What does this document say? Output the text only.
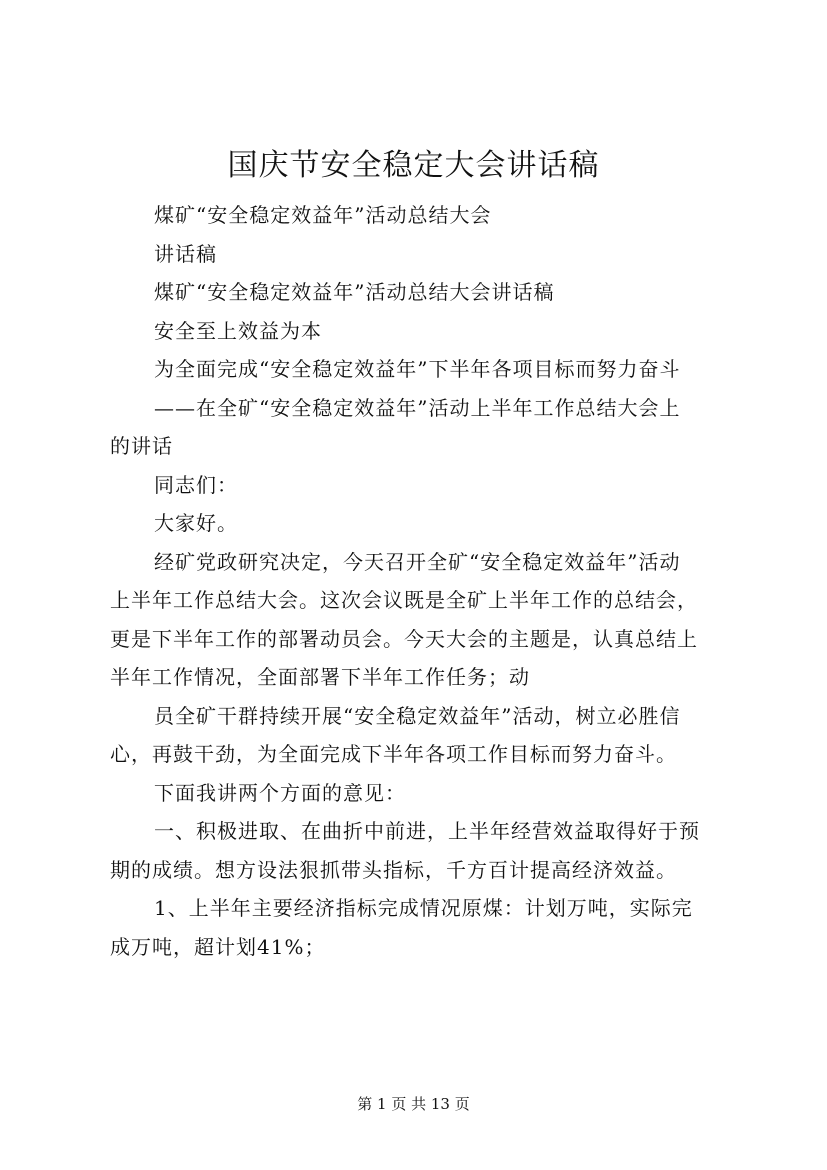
国庆节安全稳定大会讲话稿

煤矿“安全稳定效益年”活动总结大会

讲话稿

煤矿“安全稳定效益年”活动总结大会讲话稿

安全至上效益为本

为全面完成“安全稳定效益年”下半年各项目标而努力奋斗

——在全矿“安全稳定效益年”活动上半年工作总结大会上

的讲话

同志们：

大家好。

经矿党政研究决定，今天召开全矿“安全稳定效益年”活动

上半年工作总结大会。这次会议既是全矿上半年工作的总结会，

更是下半年工作的部署动员会。今天大会的主题是，认真总结上

半年工作情况，全面部署下半年工作任务；动

员全矿干群持续开展“安全稳定效益年”活动，树立必胜信

心，再鼓干劲，为全面完成下半年各项工作目标而努力奋斗。

下面我讲两个方面的意见：

一、积极进取、在曲折中前进，上半年经营效益取得好于预

期的成绩。想方设法狠抓带头指标，千方百计提高经济效益。

1、上半年主要经济指标完成情况原煤：计划万吨，实际完

成万吨，超计划41%；

第 1 页 共 13 页
